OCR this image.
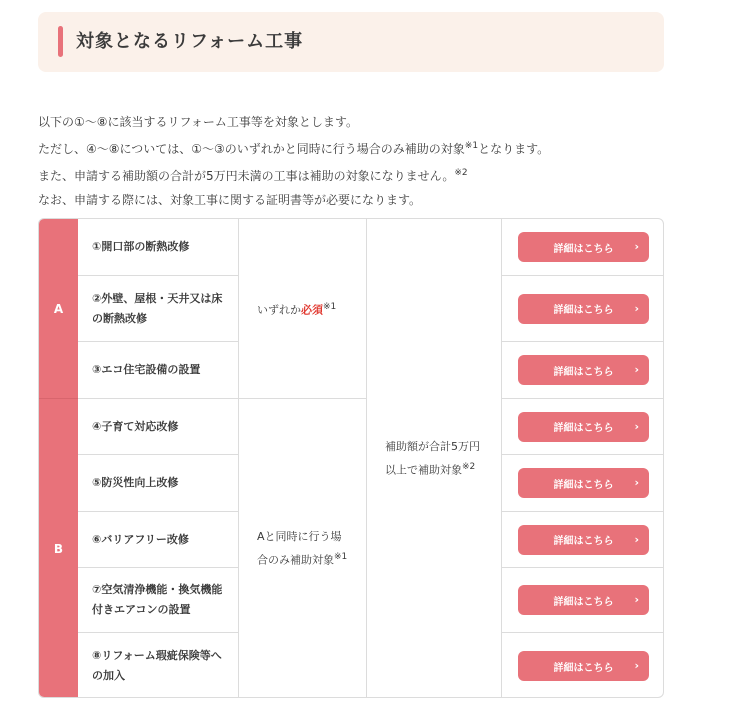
対象となるリフォーム工事

以下の①〜⑧に該当するリフォーム工事等を対象とします。

ただし、④〜⑧については、①〜③のいずれかと同時に行う場合のみ補助の対象$^{※1}$となります。

また、申請する補助額の合計が5万円未満の工事は補助の対象になりません。$^{※2}$

なお、申請する際には、対象工事に関する証明書等が必要になります。

A
B
①開口部の断熱改修
②外壁、屋根・天井又は床の断熱改修
③エコ住宅設備の設置
④子育て対応改修
⑤防災性向上改修
⑥バリアフリー改修
⑦空気清浄機能・換気機能付きエアコンの設置
⑧リフォーム瑕疵保険等への加入
いずれか必須$^{※1}$
Aと同時に行う場合のみ補助対象$^{※1}$
補助額が合計5万円以上で補助対象$^{※2}$
詳細はこちら ›
詳細はこちら ›
詳細はこちら ›
詳細はこちら ›
詳細はこちら ›
詳細はこちら ›
詳細はこちら ›
詳細はこちら ›
